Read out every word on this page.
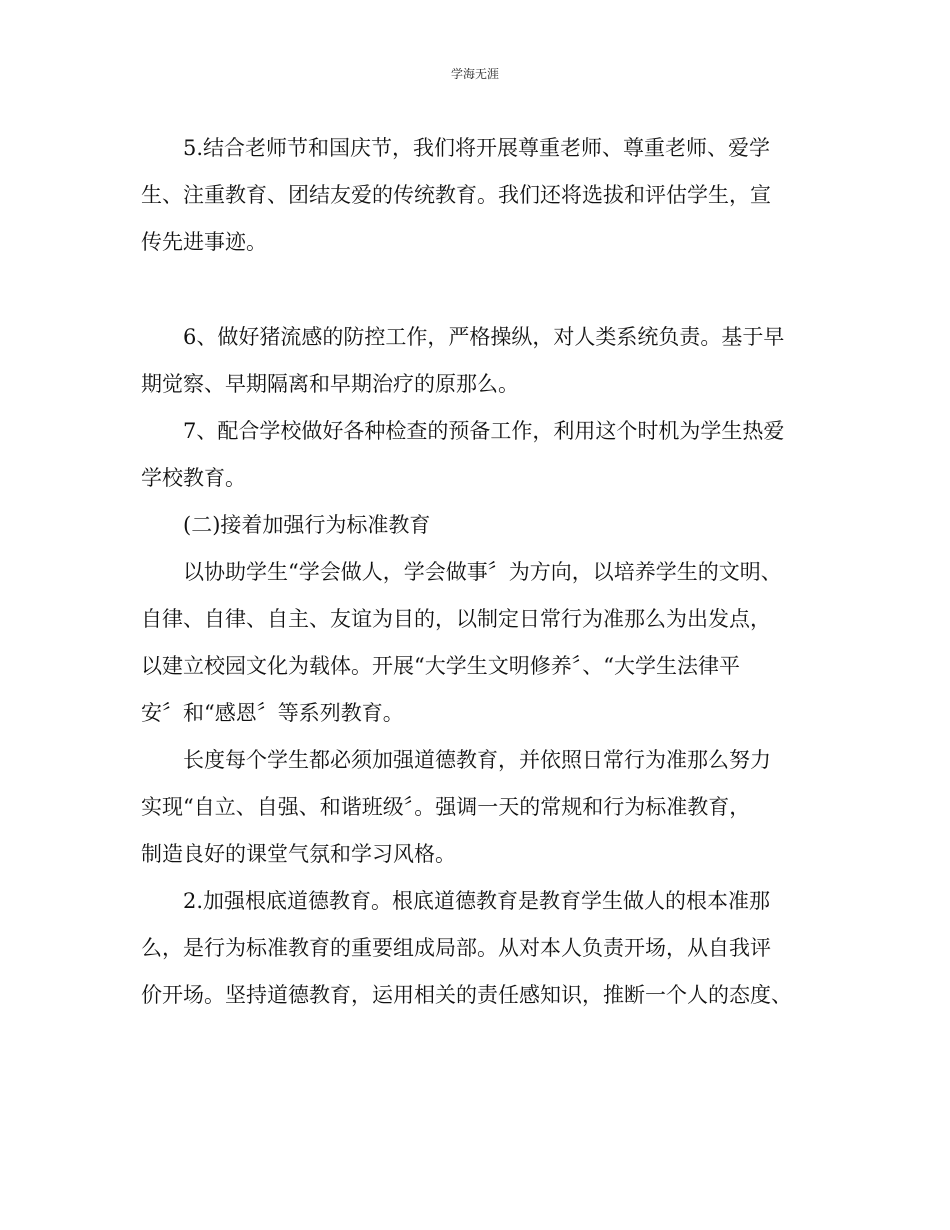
学海无涯

5.结合老师节和国庆节，我们将开展尊重老师、尊重老师、爱学

生、注重教育、团结友爱的传统教育。我们还将选拔和评估学生，宣

传先进事迹。

6、做好猪流感的防控工作，严格操纵，对人类系统负责。基于早

期觉察、早期隔离和早期治疗的原那么。

7、配合学校做好各种检查的预备工作，利用这个时机为学生热爱

学校教育。

(二)接着加强行为标准教育

以协助学生“学会做人，学会做事〞为方向，以培养学生的文明、

自律、自律、自主、友谊为目的，以制定日常行为准那么为出发点，

以建立校园文化为载体。开展“大学生文明修养〞、“大学生法律平

安〞和“感恩〞等系列教育。

长度每个学生都必须加强道德教育，并依照日常行为准那么努力

实现“自立、自强、和谐班级〞。强调一天的常规和行为标准教育，

制造良好的课堂气氛和学习风格。

2.加强根底道德教育。根底道德教育是教育学生做人的根本准那

么，是行为标准教育的重要组成局部。从对本人负责开场，从自我评

价开场。坚持道德教育，运用相关的责任感知识，推断一个人的态度、
